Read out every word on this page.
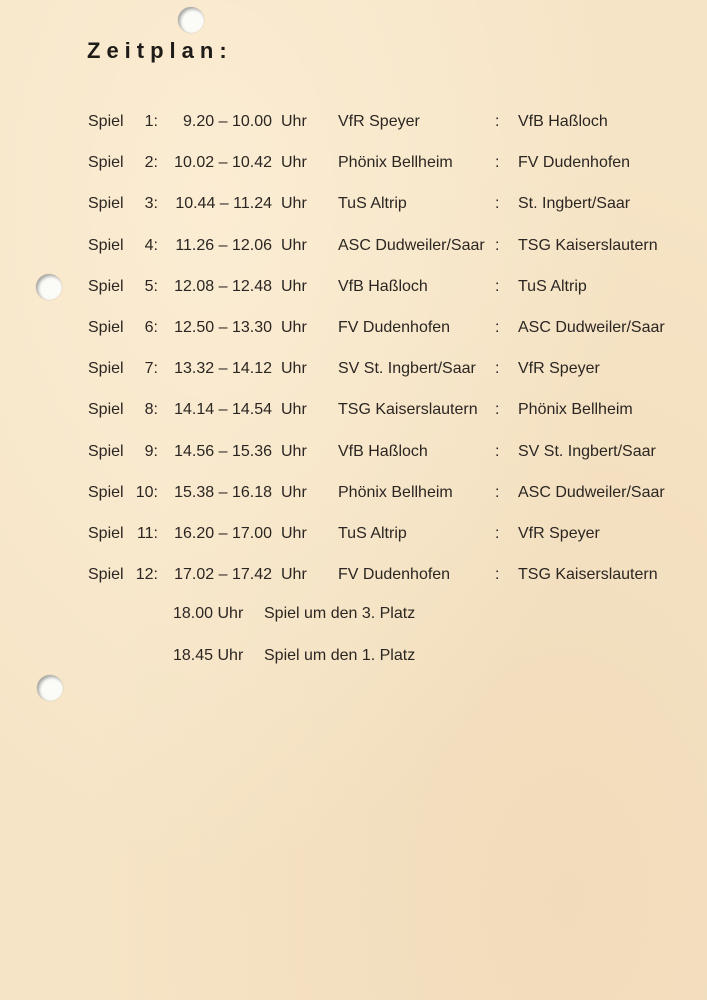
Zeitplan:
Spiel	1:	9.20 – 10.00 Uhr VfR Speyer	: VfB Haßloch
Spiel	2:	10.02 – 10.42 Uhr Phönix Bellheim	: FV Dudenhofen
Spiel	3:	10.44 – 11.24 Uhr TuS Altrip	: St. Ingbert/Saar
Spiel	4:	11.26 – 12.06 Uhr ASC Dudweiler/Saar : TSG Kaiserslautern
Spiel	5:	12.08 – 12.48 Uhr VfB Haßloch	: TuS Altrip
Spiel	6:	12.50 – 13.30 Uhr FV Dudenhofen	: ASC Dudweiler/Saar
Spiel	7:	13.32 – 14.12 Uhr SV St. Ingbert/Saar : VfR Speyer
Spiel	8:	14.14 – 14.54 Uhr TSG Kaiserslautern : Phönix Bellheim
Spiel	9:	14.56 – 15.36 Uhr VfB Haßloch	: SV St. Ingbert/Saar
Spiel 10:	15.38 – 16.18 Uhr Phönix Bellheim	: ASC Dudweiler/Saar
Spiel 11:	16.20 – 17.00 Uhr TuS Altrip	: VfR Speyer
Spiel 12:	17.02 – 17.42 Uhr FV Dudenhofen	: TSG Kaiserslautern
18.00 Uhr Spiel um den 3. Platz
18.45 Uhr Spiel um den 1. Platz
